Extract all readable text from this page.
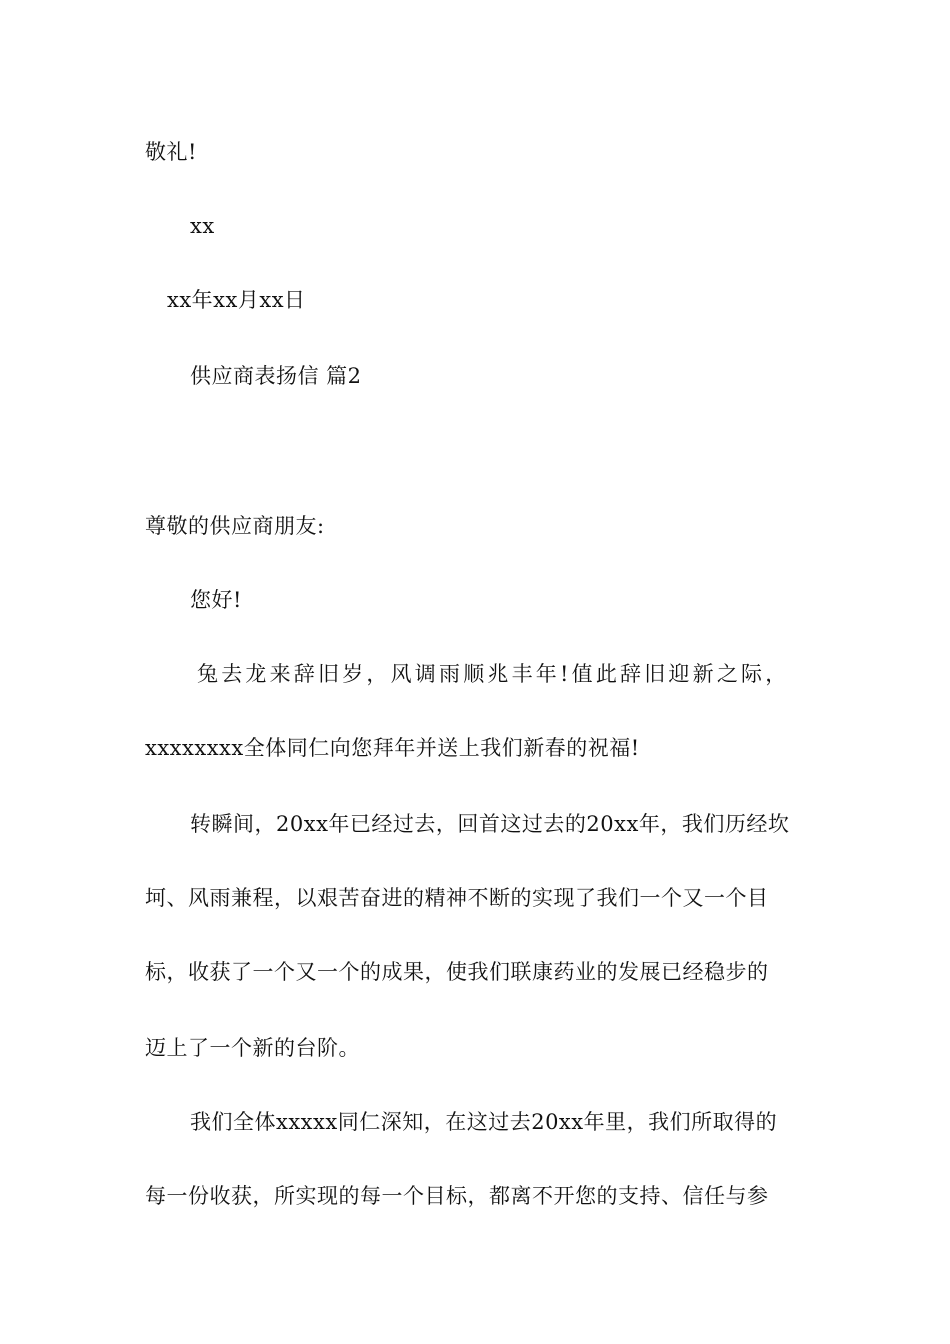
敬礼!
xx
xx年xx月xx日
供应商表扬信 篇2
尊敬的供应商朋友:
您好!
兔去龙来辞旧岁，风调雨顺兆丰年!值此辞旧迎新之际，
xxxxxxxx全体同仁向您拜年并送上我们新春的祝福!
转瞬间，20xx年已经过去，回首这过去的20xx年，我们历经坎
坷、风雨兼程，以艰苦奋进的精神不断的实现了我们一个又一个目
标，收获了一个又一个的成果，使我们联康药业的发展已经稳步的
迈上了一个新的台阶。
我们全体xxxxx同仁深知，在这过去20xx年里，我们所取得的
每一份收获，所实现的每一个目标，都离不开您的支持、信任与参
